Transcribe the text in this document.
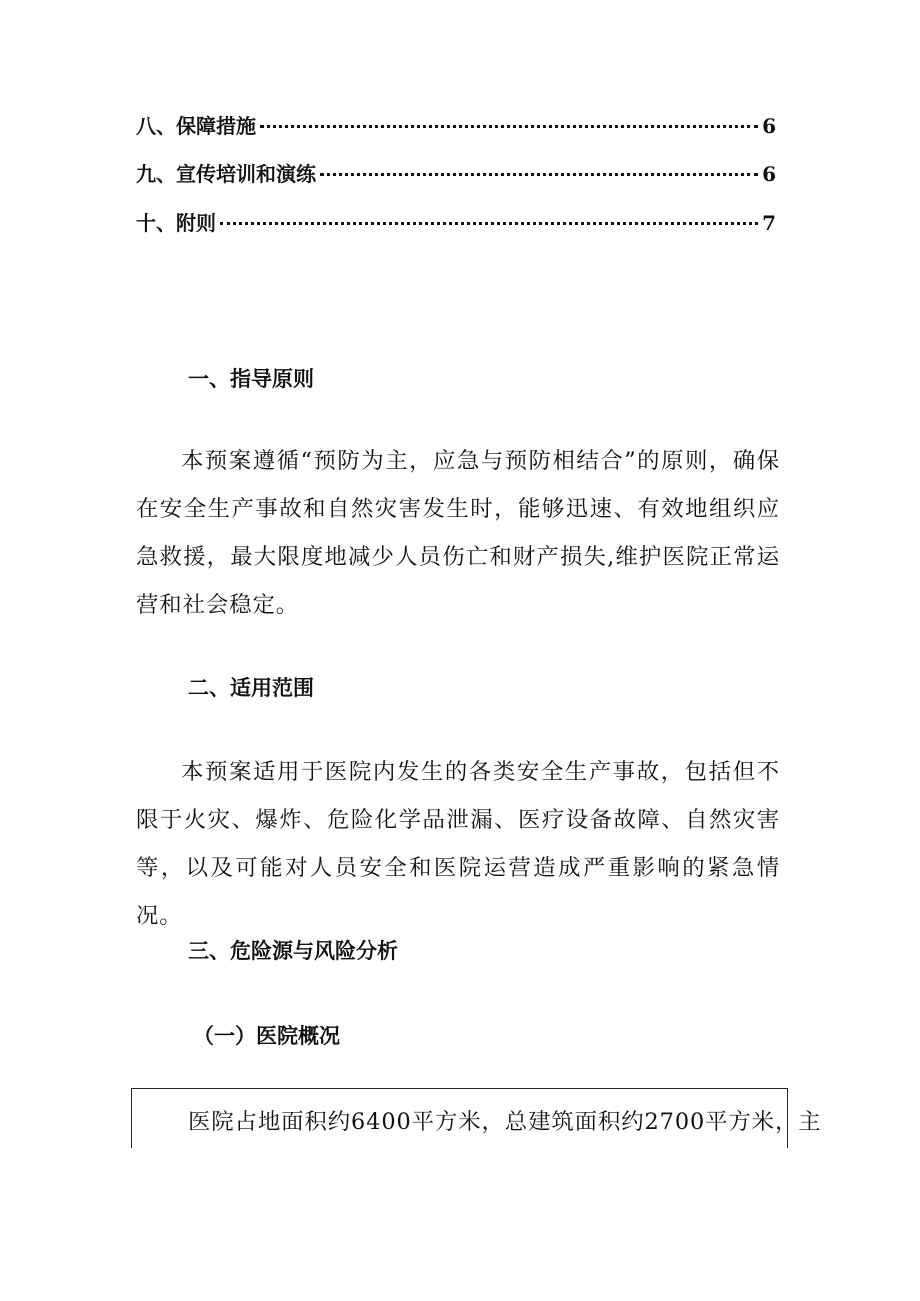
八、保障措施	6
九、宣传培训和演练	6
十、附则	7
一、指导原则

本预案遵循“预防为主，应急与预防相结合”的原则，确保在安全生产事故和自然灾害发生时，能够迅速、有效地组织应急救援，最大限度地减少人员伤亡和财产损失,维护医院正常运营和社会稳定。

二、适用范围

本预案适用于医院内发生的各类安全生产事故，包括但不限于火灾、爆炸、危险化学品泄漏、医疗设备故障、自然灾害等，以及可能对人员安全和医院运营造成严重影响的紧急情况。

三、危险源与风险分析
（一）医院概况

医院占地面积约6400平方米，总建筑面积约2700平方米，主
